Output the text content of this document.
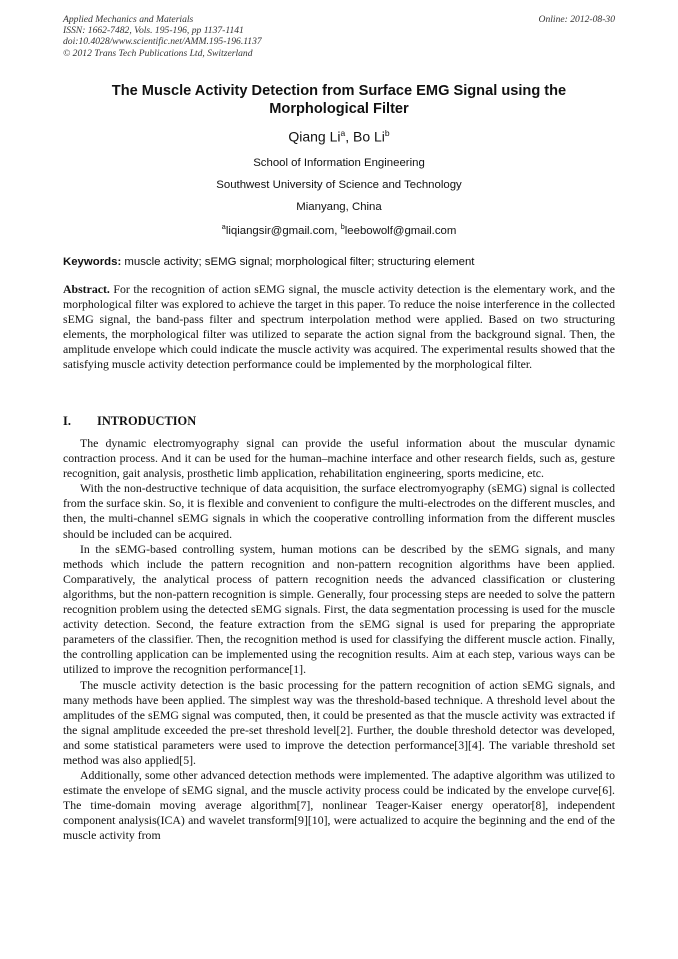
Applied Mechanics and Materials
ISSN: 1662-7482, Vols. 195-196, pp 1137-1141
doi:10.4028/www.scientific.net/AMM.195-196.1137
© 2012 Trans Tech Publications Ltd, Switzerland
Online: 2012-08-30
The Muscle Activity Detection from Surface EMG Signal using the
Morphological Filter
Qiang Li$^a$, Bo Li$^b$
School of Information Engineering
Southwest University of Science and Technology
Mianyang, China
$^a$liqiangsir@gmail.com, $^b$leebowolf@gmail.com
Keywords: muscle activity; sEMG signal; morphological filter; structuring element
Abstract. For the recognition of action sEMG signal, the muscle activity detection is the elementary work, and the morphological filter was explored to achieve the target in this paper. To reduce the noise interference in the collected sEMG signal, the band-pass filter and spectrum interpolation method were applied. Based on two structuring elements, the morphological filter was utilized to separate the action signal from the background signal. Then, the amplitude envelope which could indicate the muscle activity was acquired. The experimental results showed that the satisfying muscle activity detection performance could be implemented by the morphological filter.
I. INTRODUCTION

The dynamic electromyography signal can provide the useful information about the muscular dynamic contraction process. And it can be used for the human–machine interface and other research fields, such as, gesture recognition, gait analysis, prosthetic limb application, rehabilitation engineering, sports medicine, etc.

With the non-destructive technique of data acquisition, the surface electromyography (sEMG) signal is collected from the surface skin. So, it is flexible and convenient to configure the multi-electrodes on the different muscles, and then, the multi-channel sEMG signals in which the cooperative controlling information from the different muscles should be included can be acquired.

In the sEMG-based controlling system, human motions can be described by the sEMG signals, and many methods which include the pattern recognition and non-pattern recognition algorithms have been applied. Comparatively, the analytical process of pattern recognition needs the advanced classification or clustering algorithms, but the non-pattern recognition is simple. Generally, four processing steps are needed to solve the pattern recognition problem using the detected sEMG signals. First, the data segmentation processing is used for the muscle activity detection. Second, the feature extraction from the sEMG signal is used for preparing the appropriate parameters of the classifier. Then, the recognition method is used for classifying the different muscle action. Finally, the controlling application can be implemented using the recognition results. Aim at each step, various ways can be utilized to improve the recognition performance[1].

The muscle activity detection is the basic processing for the pattern recognition of action sEMG signals, and many methods have been applied. The simplest way was the threshold-based technique. A threshold level about the amplitudes of the sEMG signal was computed, then, it could be presented as that the muscle activity was extracted if the signal amplitude exceeded the pre-set threshold level[2]. Further, the double threshold detector was developed, and some statistical parameters were used to improve the detection performance[3][4]. The variable threshold set method was also applied[5].

Additionally, some other advanced detection methods were implemented. The adaptive algorithm was utilized to estimate the envelope of sEMG signal, and the muscle activity process could be indicated by the envelope curve[6]. The time-domain moving average algorithm[7], nonlinear Teager-Kaiser energy operator[8], independent component analysis(ICA) and wavelet transform[9][10], were actualized to acquire the beginning and the end of the muscle activity from
